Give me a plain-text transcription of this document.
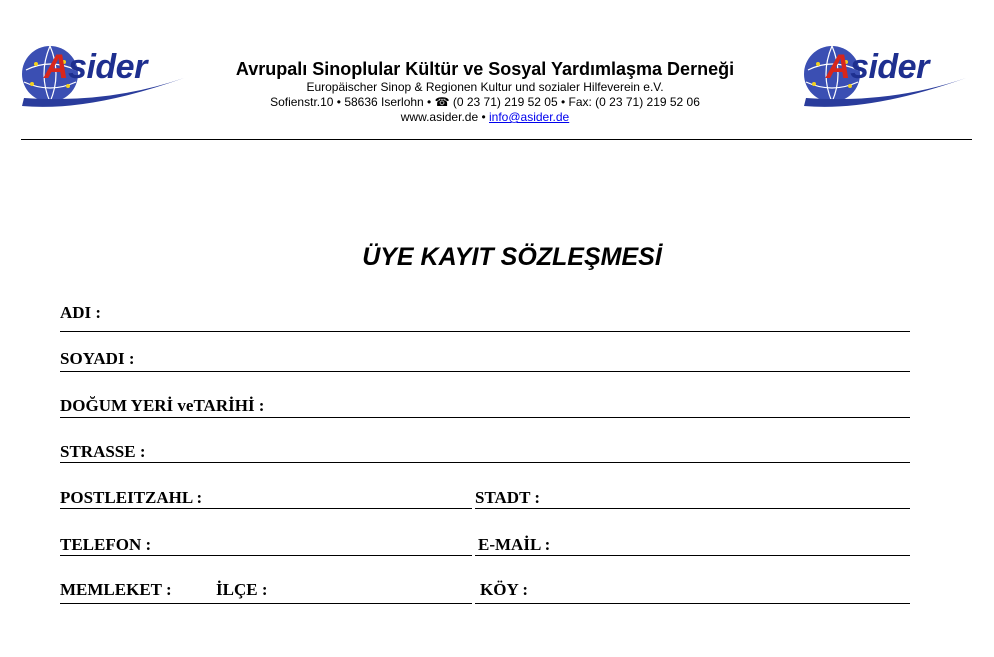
Asider	Avrupalı Sinoplular Kültür ve Sosyal Yardımlaşma Derneği
Europäischer Sinop & Regionen Kultur und sozialer Hilfeverein e.V.
Sofienstr.10 • 58636 Iserlohn • ☎ (0 23 71) 219 52 05 • Fax: (0 23 71) 219 52 06
www.asider.de • info@asider.de
Asider
ÜYE KAYIT SÖZLEŞMESİ
ADI :
SOYADI :
DOĞUM YERİ veTARİHİ :
STRASSE :
POSTLEITZAHL :	STADT :
TELEFON :	E-MAİL :
MEMLEKET :	İLÇE :	KÖY :
